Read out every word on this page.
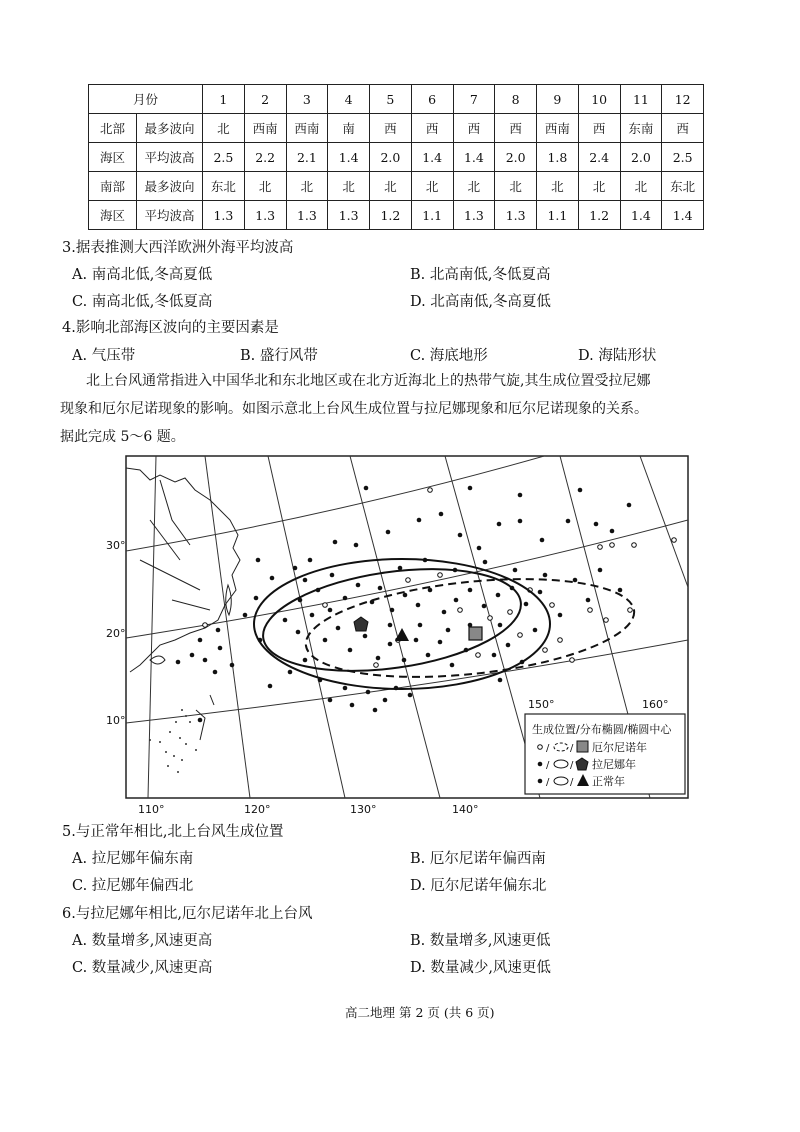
月份		1	2	3	4	5	6	7	8	9	10	11	12
北部	最多波向	北	西南	西南	南	西	西	西	西	西南	西	东南	西
海区	平均波高	2.5	2.2	2.1	1.4	2.0	1.4	1.4	2.0	1.8	2.4	2.0	2.5
南部	最多波向	东北	北	北	北	北	北	北	北	北	北	北	东北
海区	平均波高	1.3	1.3	1.3	1.3	1.2	1.1	1.3	1.3	1.1	1.2	1.4	1.4
3.据表推测大西洋欧洲外海平均波高
A. 南高北低,冬高夏低	B. 北高南低,冬低夏高
C. 南高北低,冬低夏高	D. 北高南低,冬高夏低
4.影响北部海区波向的主要因素是
A. 气压带	B. 盛行风带	C. 海底地形	D. 海陆形状
北上台风通常指进入中国华北和东北地区或在北方近海北上的热带气旋,其生成位置受拉尼娜
现象和厄尔尼诺现象的影响。如图示意北上台风生成位置与拉尼娜现象和厄尔尼诺现象的关系。
据此完成 5～6 题。
生成位置/分布椭圆/椭圆中心
/ / 厄尔尼诺年
/ / 拉尼娜年
/ / 正常年
30°
20°
10°
150°	160°
110°	120°	130°	140°
5.与正常年相比,北上台风生成位置
A. 拉尼娜年偏东南	B. 厄尔尼诺年偏西南
C. 拉尼娜年偏西北	D. 厄尔尼诺年偏东北
6.与拉尼娜年相比,厄尔尼诺年北上台风
A. 数量增多,风速更高	B. 数量增多,风速更低
C. 数量减少,风速更高	D. 数量减少,风速更低
高二地理 第 2 页 (共 6 页)
